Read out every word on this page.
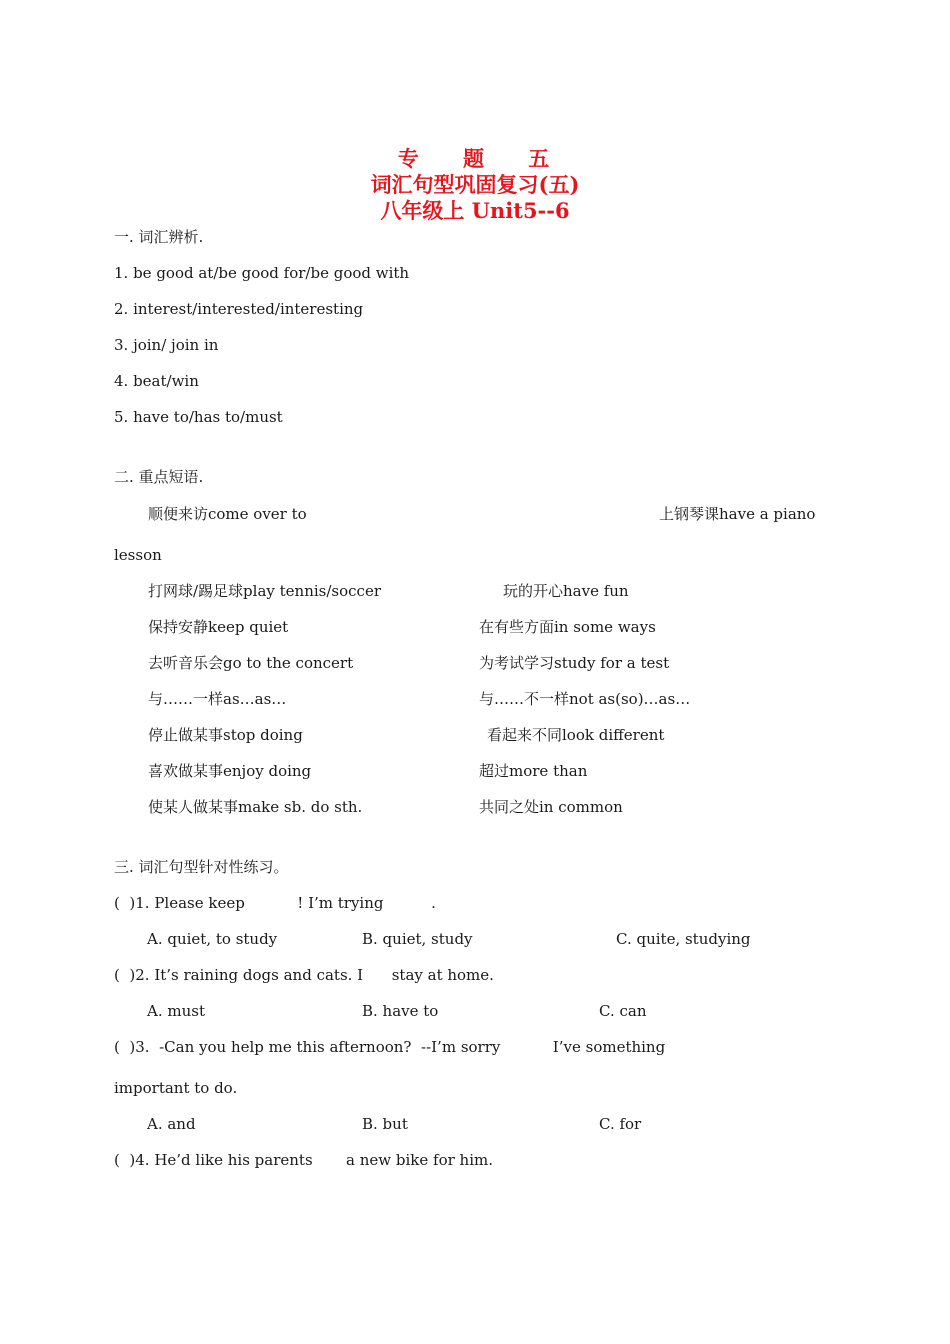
专    题    五
词汇句型巩固复习(五)
八年级上 Unit5--6
一. 词汇辨析.
1. be good at/be good for/be good with
2. interest/interested/interesting
3. join/ join in
4. beat/win
5. have to/has to/must
二. 重点短语.
顺便来访come over to	上钢琴课have a piano
lesson
打网球/踢足球play tennis/soccer	玩的开心have fun
保持安静keep quiet	在有些方面in some ways
去听音乐会go to the concert	为考试学习study for a test
与……一样as…as…	与……不一样not as(so)…as…
停止做某事stop doing	看起来不同look different
喜欢做某事enjoy doing	超过more than
使某人做某事make sb. do sth.	共同之处in common
三. 词汇句型针对性练习。
(  )1. Please keep           ! I’m trying          .
A. quiet, to study	B. quiet, study	C. quite, studying
(  )2. It’s raining dogs and cats. I      stay at home.
A. must	B. have to	C. can
(  )3.  -Can you help me this afternoon?  --I’m sorry           I’ve something
important to do.
A. and	B. but	C. for
(  )4. He’d like his parents       a new bike for him.
